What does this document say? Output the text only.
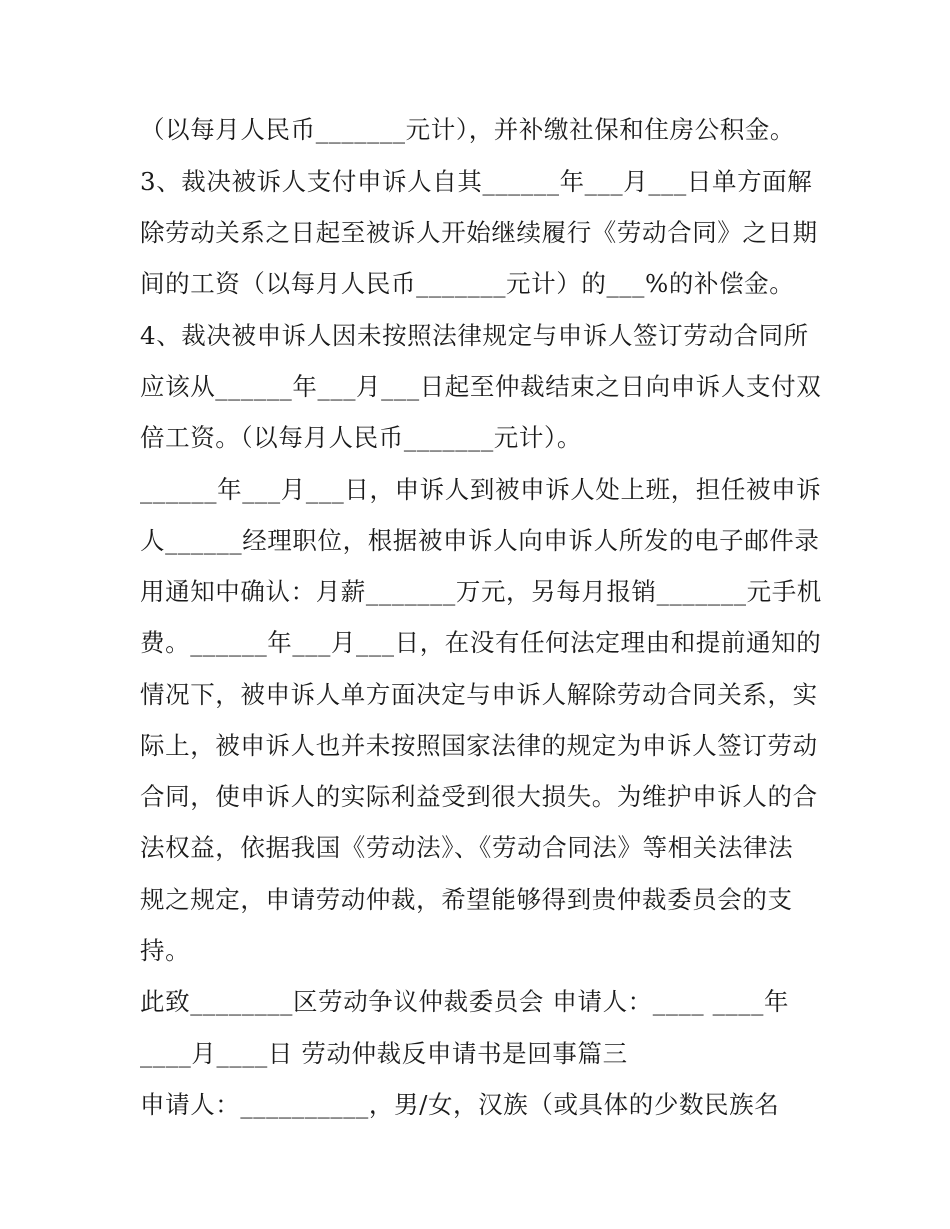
（以每月人民币_______元计），并补缴社保和住房公积金。
3、裁决被诉人支付申诉人自其______年___月___日单方面解
除劳动关系之日起至被诉人开始继续履行《劳动合同》之日期
间的工资（以每月人民币_______元计）的___%的补偿金。
4、裁决被申诉人因未按照法律规定与申诉人签订劳动合同所
应该从______年___月___日起至仲裁结束之日向申诉人支付双
倍工资。（以每月人民币_______元计）。
______年___月___日，申诉人到被申诉人处上班，担任被申诉
人______经理职位，根据被申诉人向申诉人所发的电子邮件录
用通知中确认：月薪_______万元，另每月报销_______元手机
费。______年___月___日，在没有任何法定理由和提前通知的
情况下，被申诉人单方面决定与申诉人解除劳动合同关系，实
际上，被申诉人也并未按照国家法律的规定为申诉人签订劳动
合同，使申诉人的实际利益受到很大损失。为维护申诉人的合
法权益，依据我国《劳动法》、《劳动合同法》等相关法律法
规之规定，申请劳动仲裁，希望能够得到贵仲裁委员会的支
持。
此致________区劳动争议仲裁委员会 申请人：____ ____年
____月____日 劳动仲裁反申请书是回事篇三
申请人：__________，男/女，汉族（或具体的少数民族名
